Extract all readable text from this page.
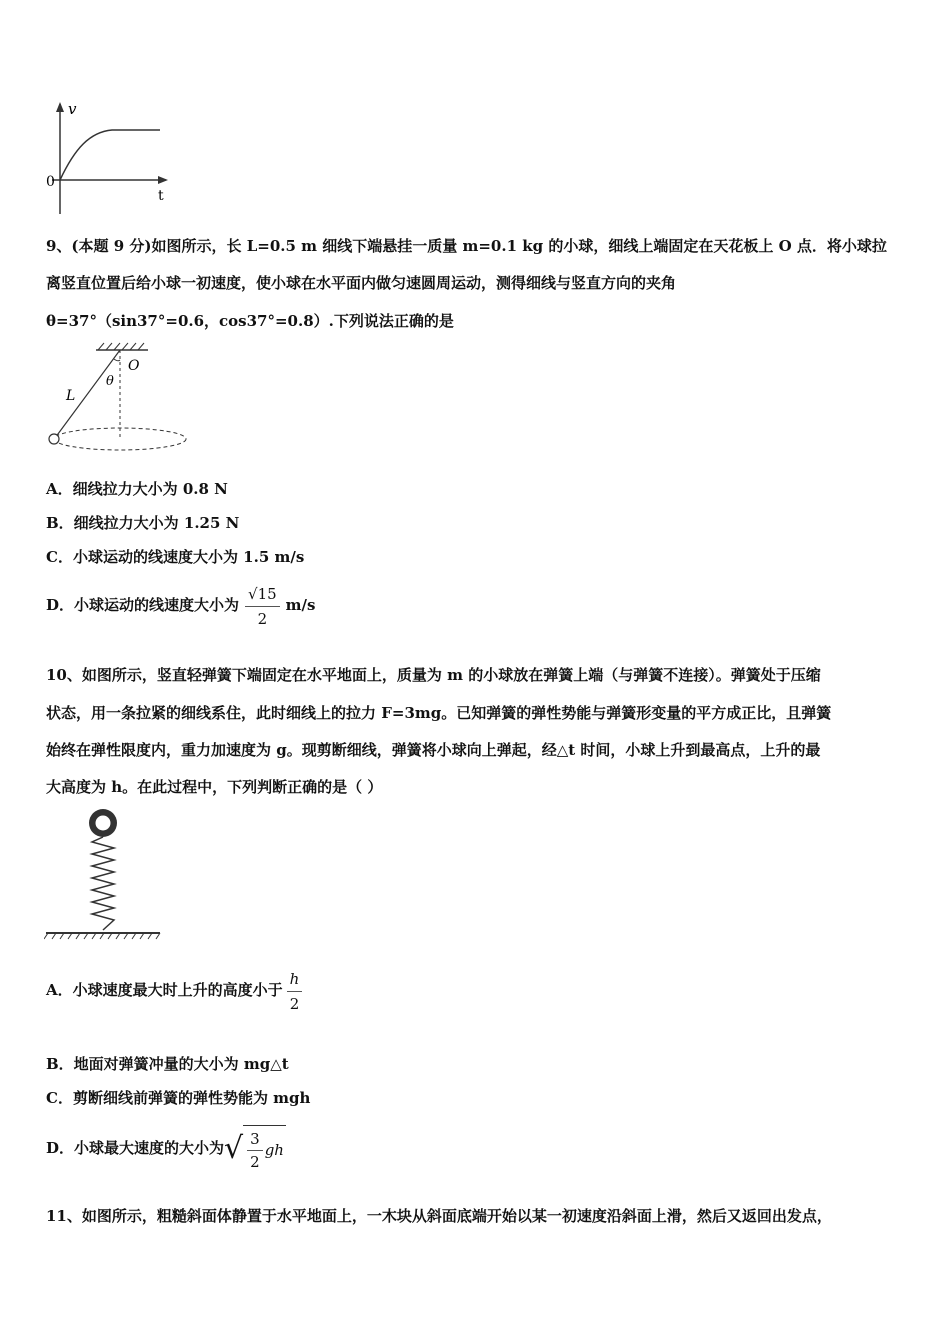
v
0
t
9、(本题 9 分)如图所示，长 L=0.5 m 细线下端悬挂一质量 m=0.1 kg 的小球，细线上端固定在天花板上 O 点．将小球拉
离竖直位置后给小球一初速度，使小球在水平面内做匀速圆周运动，测得细线与竖直方向的夹角
θ=37°（sin37°=0.6，cos37°=0.8）.下列说法正确的是
O
θ
L
A．细线拉力大小为 0.8 N
B．细线拉力大小为 1.25 N
C．小球运动的线速度大小为 1.5 m/s
D．小球运动的线速度大小为 $\frac{√15}{2} m/s$
10、如图所示，竖直轻弹簧下端固定在水平地面上，质量为 m 的小球放在弹簧上端（与弹簧不连接）。弹簧处于压缩
状态，用一条拉紧的细线系住，此时细线上的拉力 F=3mg。已知弹簧的弹性势能与弹簧形变量的平方成正比，且弹簧
始终在弹性限度内，重力加速度为 g。现剪断细线，弹簧将小球向上弹起，经△t 时间，小球上升到最高点，上升的最
大高度为 h。在此过程中，下列判断正确的是（ ）
A．小球速度最大时上升的高度小于 $\frac{h}{2}$
B．地面对弹簧冲量的大小为 mg△t
C．剪断细线前弹簧的弹性势能为 mgh
D．小球最大速度的大小为√ $\frac{3}{2}$ gh
11、如图所示，粗糙斜面体静置于水平地面上，一木块从斜面底端开始以某一初速度沿斜面上滑，然后又返回出发点，
